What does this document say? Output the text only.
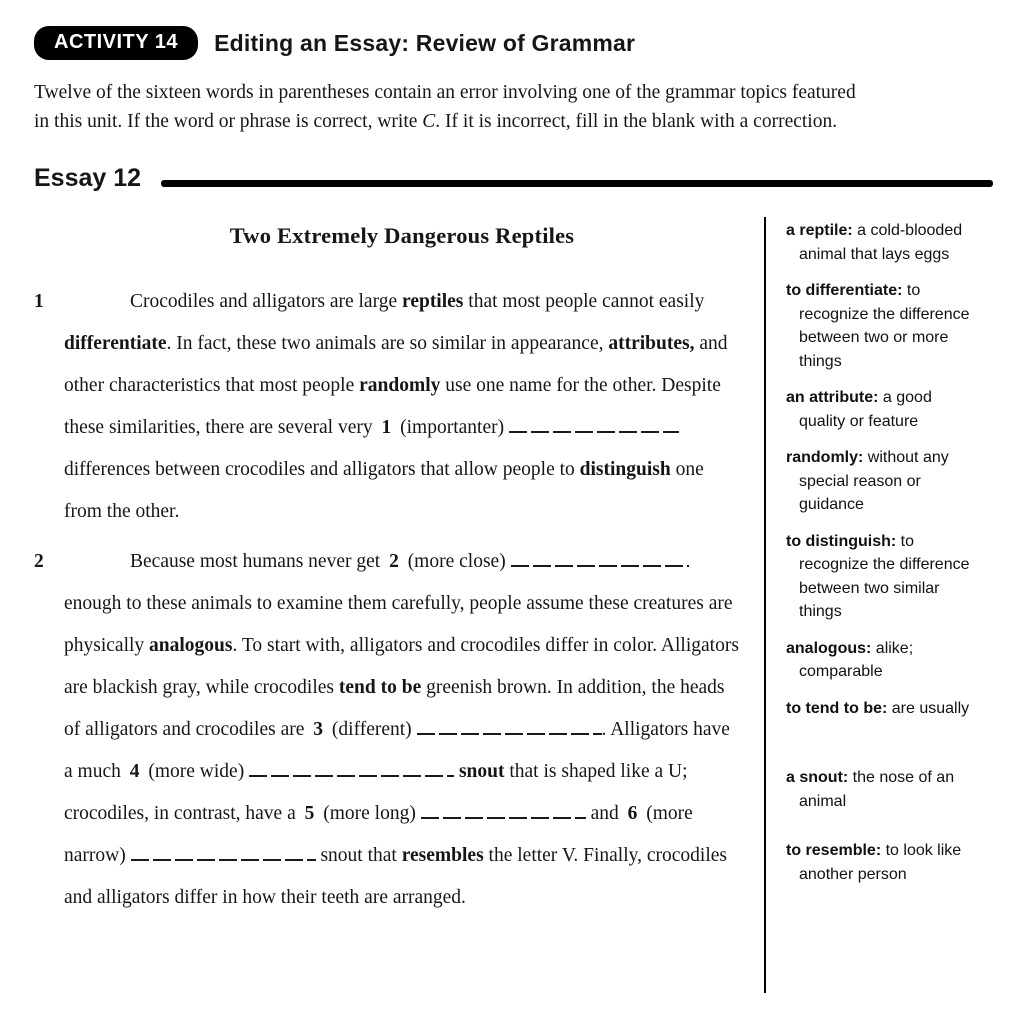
ACTIVITY 14	Editing an Essay: Review of Grammar

Twelve of the sixteen words in parentheses contain an error involving one of the grammar topics featured
in this unit. If the word or phrase is correct, write C. If it is incorrect, fill in the blank with a correction.

Essay 12
Two Extremely Dangerous Reptiles
1	Crocodiles and alligators are large reptiles that most people cannot easily differentiate. In fact, these two animals are so similar in appearance, attributes, and other characteristics that most people randomly use one name for the other. Despite these similarities, there are several very 1 (importanter)  differences between crocodiles and alligators that allow people to distinguish one from the other.
2	Because most humans never get 2 (more close)  enough to these animals to examine them carefully, people assume these creatures are physically analogous. To start with, alligators and crocodiles differ in color. Alligators are blackish gray, while crocodiles tend to be greenish brown. In addition, the heads of alligators and crocodiles are 3 (different)	. Alligators have a much 4 (more wide)	snout that is shaped like a U; crocodiles, in contrast, have a 5 (more long)	and 6 (more narrow)	snout that resembles the letter V. Finally, crocodiles and alligators differ in how their teeth are arranged.
a reptile: a cold-blooded animal that lays eggs
to differentiate: to recognize the difference between two or more things
an attribute: a good quality or feature
randomly: without any special reason or guidance
to distinguish: to recognize the difference between two similar things
analogous: alike; comparable
to tend to be: are usually
a snout: the nose of an animal
to resemble: to look like another person
